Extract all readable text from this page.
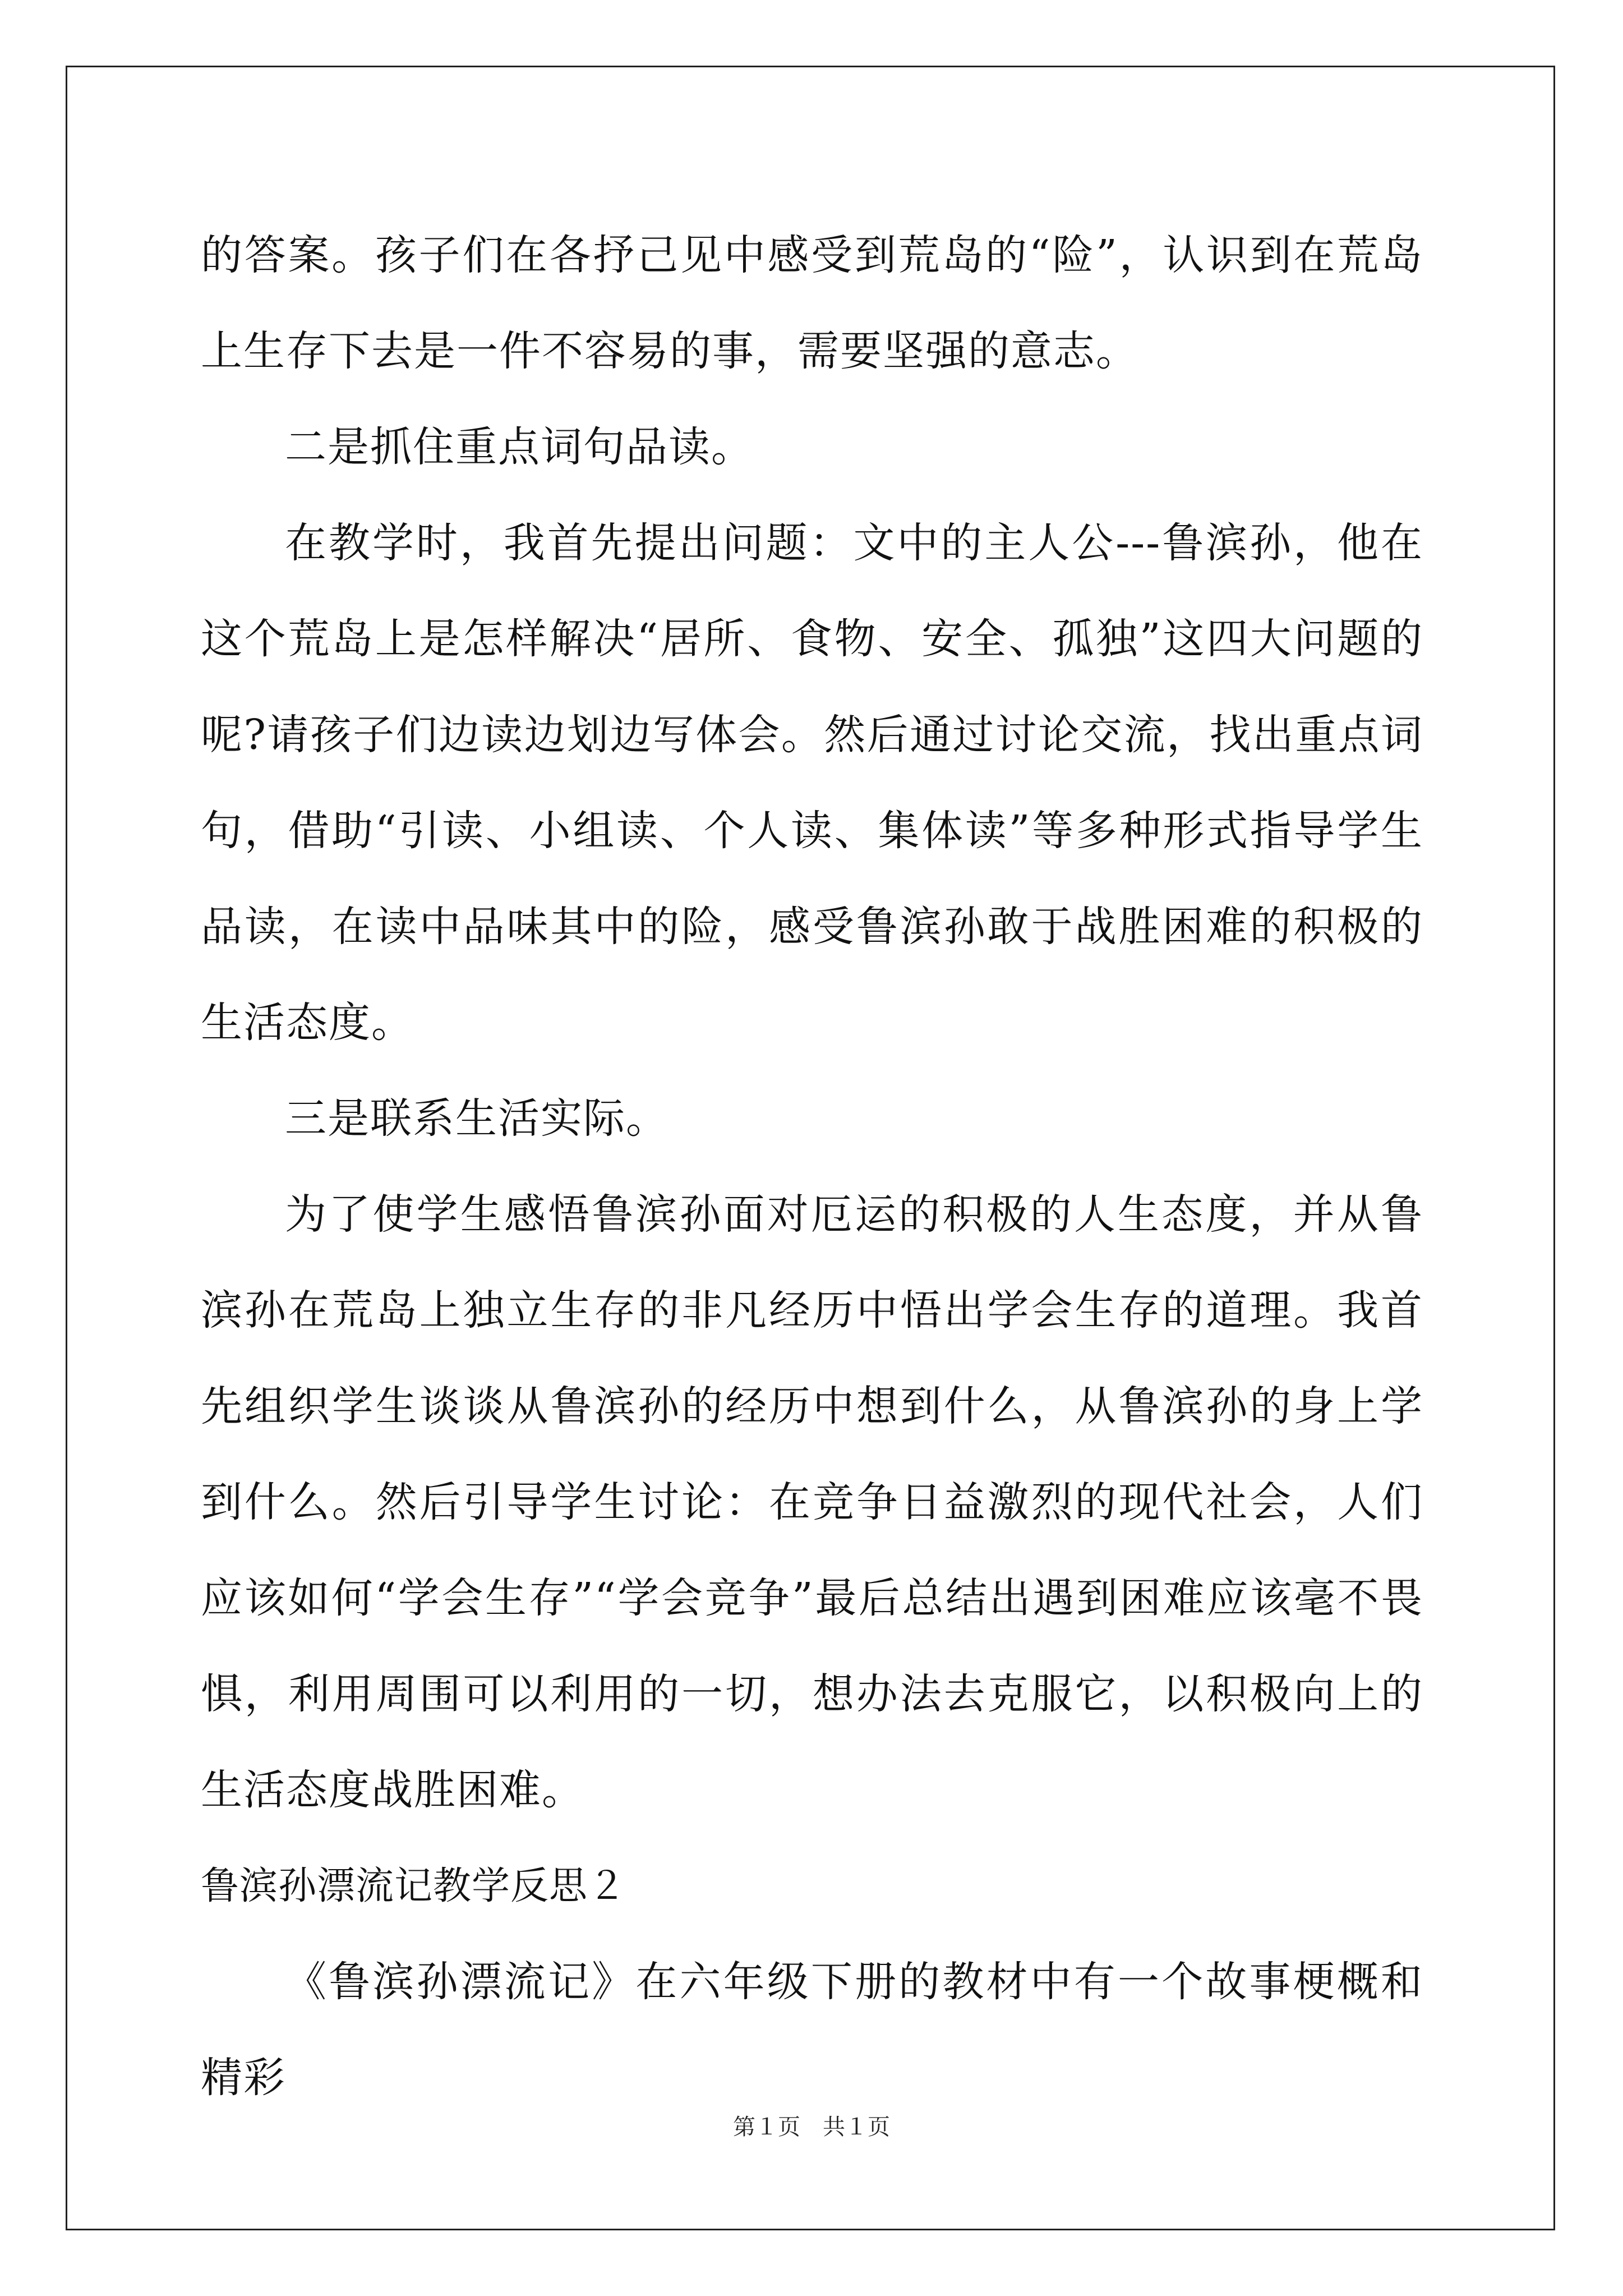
的答案。孩子们在各抒己见中感受到荒岛的“险”，认识到在荒岛上生存下去是一件不容易的事，需要坚强的意志。

二是抓住重点词句品读。

在教学时，我首先提出问题：文中的主人公---鲁滨孙，他在这个荒岛上是怎样解决“居所、食物、安全、孤独”这四大问题的呢?请孩子们边读边划边写体会。然后通过讨论交流，找出重点词句，借助“引读、小组读、个人读、集体读”等多种形式指导学生品读，在读中品味其中的险，感受鲁滨孙敢于战胜困难的积极的生活态度。

三是联系生活实际。

为了使学生感悟鲁滨孙面对厄运的积极的人生态度，并从鲁滨孙在荒岛上独立生存的非凡经历中悟出学会生存的道理。我首先组织学生谈谈从鲁滨孙的经历中想到什么，从鲁滨孙的身上学到什么。然后引导学生讨论：在竞争日益激烈的现代社会，人们应该如何“学会生存”“学会竞争”最后总结出遇到困难应该毫不畏惧，利用周围可以利用的一切，想办法去克服它，以积极向上的生活态度战胜困难。

鲁滨孙漂流记教学反思２

《鲁滨孙漂流记》在六年级下册的教材中有一个故事梗概和精彩

第１页 共１页
